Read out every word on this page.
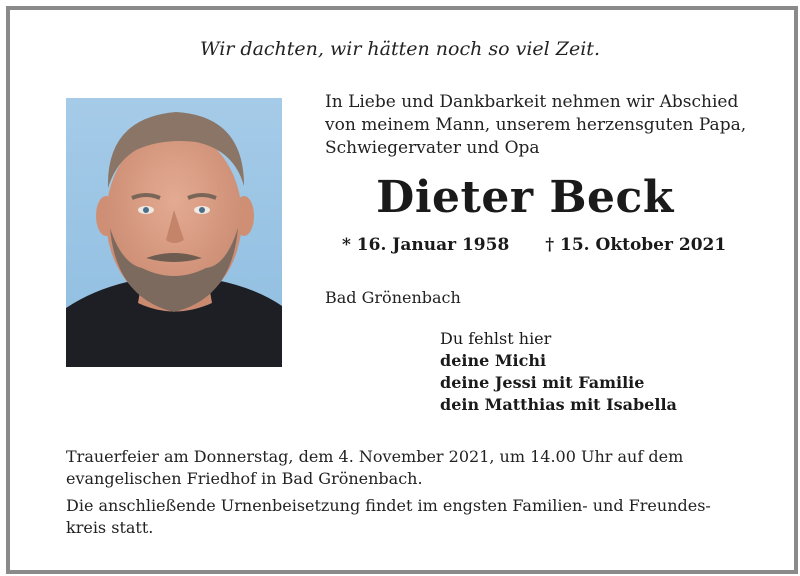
Wir dachten, wir hätten noch so viel Zeit.
In Liebe und Dankbarkeit nehmen wir Abschied
von meinem Mann, unserem herzensguten Papa,
Schwiegervater und Opa
Dieter Beck
* 16. Januar 1958 † 15. Oktober 2021
Bad Grönenbach
Du fehlst hier
deine Michi
deine Jessi mit Familie
dein Matthias mit Isabella

Trauerfeier am Donnerstag, dem 4. November 2021, um 14.00 Uhr auf dem
evangelischen Friedhof in Bad Grönenbach.

Die anschließende Urnenbeisetzung findet im engsten Familien- und Freundes-
kreis statt.
